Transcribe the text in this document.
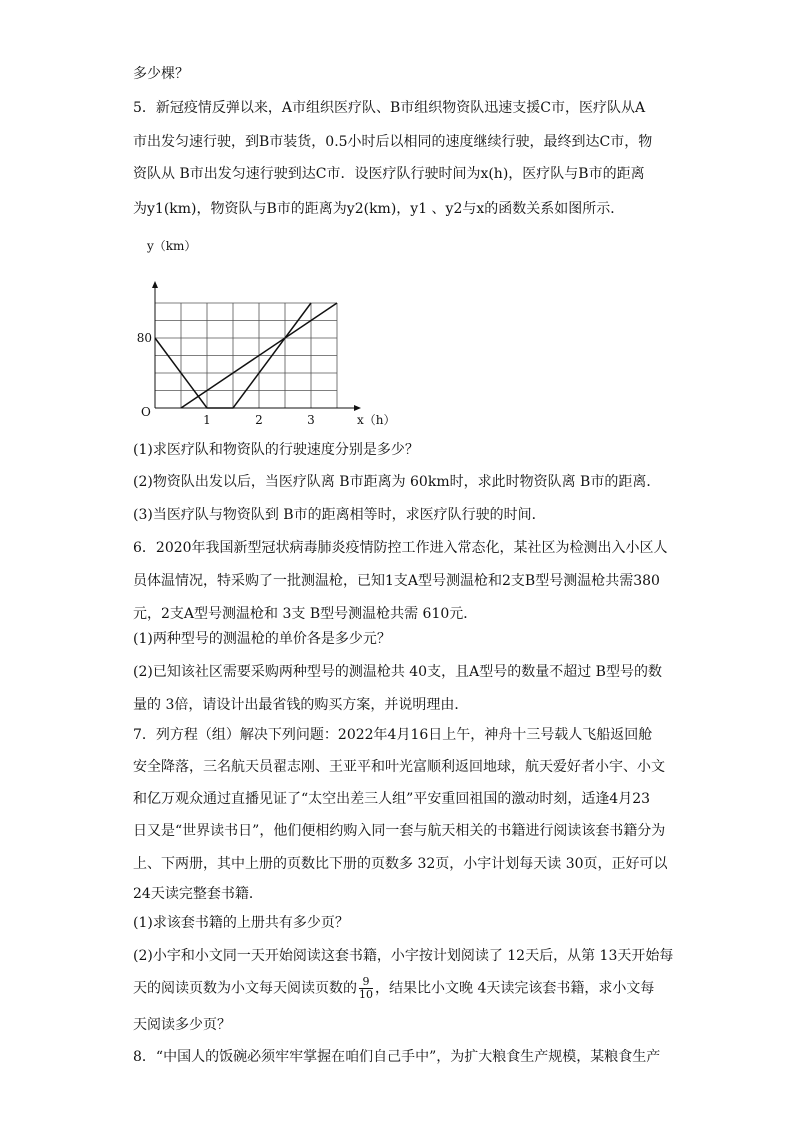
多少棵？
5．新冠疫情反弹以来，A市组织医疗队、B市组织物资队迅速支援C市，医疗队从A
市出发匀速行驶，到B市装货，0.5小时后以相同的速度继续行驶，最终到达C市，物
资队从 B市出发匀速行驶到达C市．设医疗队行驶时间为x(h)，医疗队与B市的距离
为y1(km)，物资队与B市的距离为y2(km)，y1 、y2与x的函数关系如图所示．
y（km）
x（h）
O
80
1	2	3
(1)求医疗队和物资队的行驶速度分别是多少？
(2)物资队出发以后，当医疗队离 B市距离为 60km时，求此时物资队离 B市的距离．
(3)当医疗队与物资队到 B市的距离相等时，求医疗队行驶的时间．
6．2020年我国新型冠状病毒肺炎疫情防控工作进入常态化，某社区为检测出入小区人
员体温情况，特采购了一批测温枪，已知1支A型号测温枪和2支B型号测温枪共需380
元，2支A型号测温枪和 3支 B型号测温枪共需 610元．
(1)两种型号的测温枪的单价各是多少元？
(2)已知该社区需要采购两种型号的测温枪共 40支，且A型号的数量不超过 B型号的数
量的 3倍，请设计出最省钱的购买方案，并说明理由．
7．列方程（组）解决下列问题：2022年4月16日上午，神舟十三号载人飞船返回舱
安全降落，三名航天员翟志刚、王亚平和叶光富顺利返回地球，航天爱好者小宇、小文
和亿万观众通过直播见证了“太空出差三人组”平安重回祖国的激动时刻，适逢4月23
日又是“世界读书日”，他们便相约购入同一套与航天相关的书籍进行阅读该套书籍分为
上、下两册，其中上册的页数比下册的页数多 32页，小宇计划每天读 30页，正好可以
24天读完整套书籍．
(1)求该套书籍的上册共有多少页？
(2)小宇和小文同一天开始阅读这套书籍，小宇按计划阅读了 12天后，从第 13天开始每
天的阅读页数为小文每天阅读页数的 $\frac{9}{10}$ ，结果比小文晚 4天读完该套书籍，求小文每
天阅读多少页？
8．“中国人的饭碗必须牢牢掌握在咱们自己手中”，为扩大粮食生产规模，某粮食生产
